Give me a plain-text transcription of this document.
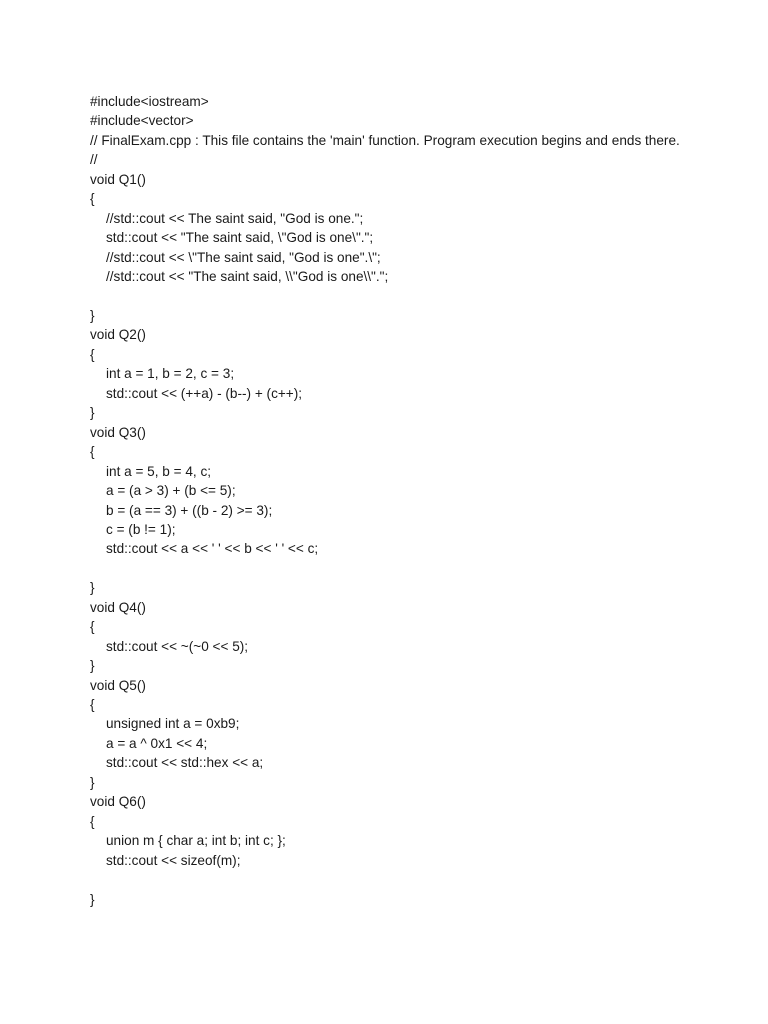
#include<iostream>
#include<vector>
// FinalExam.cpp : This file contains the 'main' function. Program execution begins and ends there.
//
void Q1()
{
//std::cout << The saint said, "God is one.";
std::cout << "The saint said, \"God is one\".";
//std::cout << \"The saint said, "God is one".\";
//std::cout << "The saint said, \\"God is one\\".";
}
void Q2()
{
int a = 1, b = 2, c = 3;
std::cout << (++a) - (b--) + (c++);
}
void Q3()
{
int a = 5, b = 4, c;
a = (a > 3) + (b <= 5);
b = (a == 3) + ((b - 2) >= 3);
c = (b != 1);
std::cout << a << ' ' << b << ' ' << c;
}
void Q4()
{
std::cout << ~(~0 << 5);
}
void Q5()
{
unsigned int a = 0xb9;
a = a ^ 0x1 << 4;
std::cout << std::hex << a;
}
void Q6()
{
union m { char a; int b; int c; };
std::cout << sizeof(m);
}
